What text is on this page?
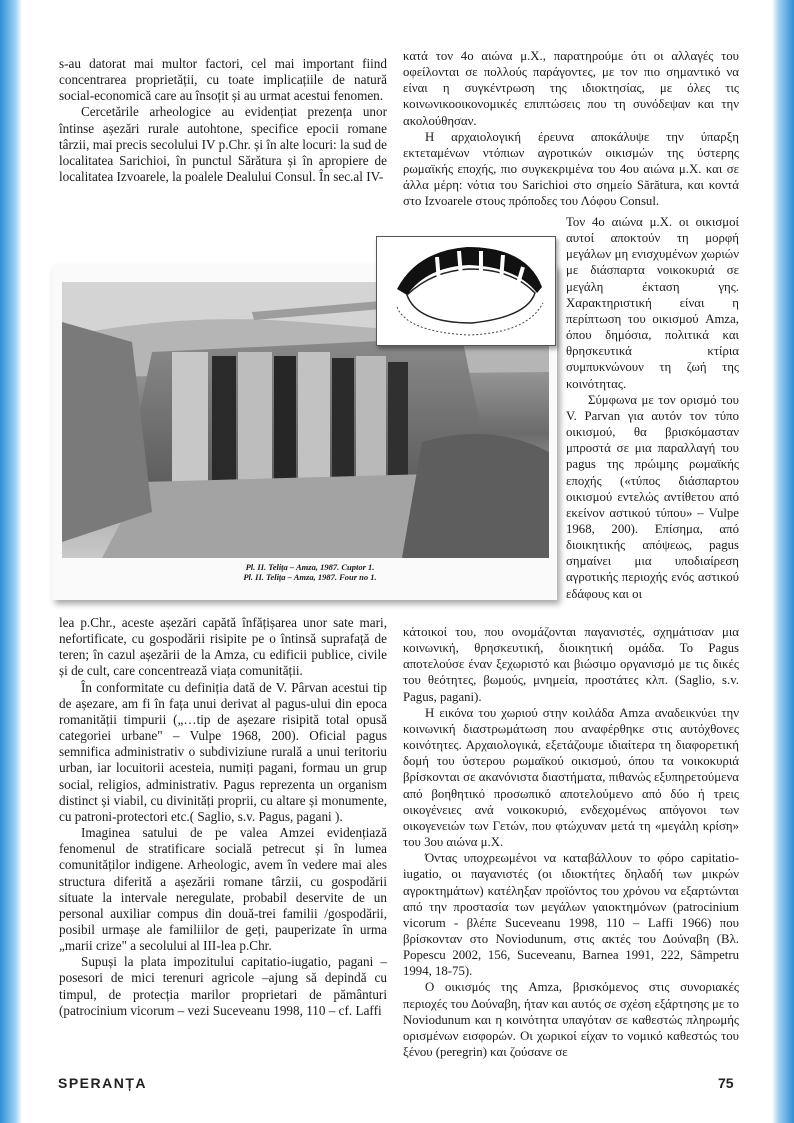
s-au datorat mai multor factori, cel mai important fiind concentrarea proprietății, cu toate implicațiile de natură social-economică care au însoțit și au urmat acestui fenomen.

Cercetările arheologice au evidențiat prezența unor întinse așezări rurale autohtone, specifice epocii romane târzii, mai precis secolului IV p.Chr. și în alte locuri: la sud de localitatea Sarichioi, în punctul Sărătura și în apropiere de localitatea Izvoarele, la poalele Dealului Consul. În sec.al IV-

Pl. II. Telița – Amza, 1987. Cuptor 1.
Pl. II. Telița – Amza, 1987. Four no 1.

lea p.Chr., aceste așezări capătă înfățișarea unor sate mari, nefortificate, cu gospodării risipite pe o întinsă suprafață de teren; în cazul așezării de la Amza, cu edificii publice, civile și de cult, care concentrează viața comunității.

În conformitate cu definiția dată de V. Pârvan acestui tip de așezare, am fi în fața unui derivat al pagus-ului din epoca romanității timpurii („…tip de așezare risipită total opusă categoriei urbane" – Vulpe 1968, 200). Oficial pagus semnifica administrativ o subdiviziune rurală a unui teritoriu urban, iar locuitorii acesteia, numiți pagani, formau un grup social, religios, administrativ. Pagus reprezenta un organism distinct și viabil, cu divinități proprii, cu altare și monumente, cu patroni-protectori etc.( Saglio, s.v. Pagus, pagani ).

Imaginea satului de pe valea Amzei evidențiază fenomenul de stratificare socială petrecut și în lumea comunităților indigene. Arheologic, avem în vedere mai ales structura diferită a așezării romane târzii, cu gospodării situate la intervale neregulate, probabil deservite de un personal auxiliar compus din două-trei familii /gospodării, posibil urmașe ale familiilor de geți, pauperizate în urma „marii crize" a secolului al III-lea p.Chr.

Supuși la plata impozitului capitatio-iugatio, pagani –posesori de mici terenuri agricole –ajung să depindă cu timpul, de protecția marilor proprietari de pământuri (patrocinium vicorum – vezi Suceveanu 1998, 110 – cf. Laffi

κατά τον 4ο αιώνα μ.Χ., παρατηρούμε ότι οι αλλαγές του οφείλονται σε πολλούς παράγοντες, με τον πιο σημαντικό να είναι η συγκέντρωση της ιδιοκτησίας, με όλες τις κοινωνικοοικονομικές επιπτώσεις που τη συνόδεψαν και την ακολούθησαν.

Η αρχαιολογική έρευνα αποκάλυψε την ύπαρξη εκτεταμένων ντόπιων αγροτικών οικισμών της ύστερης ρωμαϊκής εποχής, πιο συγκεκριμένα του 4ου αιώνα μ.Χ. και σε άλλα μέρη: νότια του Sarichioi στο σημείο Sărătura, και κοντά στο Izvoarele στους πρόποδες του Λόφου Consul.

Τον 4ο αιώνα μ.Χ. οι οικισμοί αυτοί αποκτούν τη μορφή μεγάλων μη ενισχυμένων χωριών με διάσπαρτα νοικοκυριά σε μεγάλη έκταση γης. Χαρακτηριστική είναι η περίπτωση του οικισμού Amza, όπου δημόσια, πολιτικά και θρησκευτικά κτίρια συμπυκνώνουν τη ζωή της κοινότητας.

Σύμφωνα με τον ορισμό του V. Parvan για αυτόν τον τύπο οικισμού, θα βρισκόμασταν μπροστά σε μια παραλλαγή του pagus της πρώιμης ρωμαϊκής εποχής («τύπος διάσπαρτου οικισμού εντελώς αντίθετου από εκείνον αστικού τύπου» – Vulpe 1968, 200). Επίσημα, από διοικητικής απόψεως, pagus σημαίνει μια υποδιαίρεση αγροτικής περιοχής ενός αστικού εδάφους και οι

κάτοικοί του, που ονομάζονται παγανιστές, σχημάτισαν μια κοινωνική, θρησκευτική, διοικητική ομάδα. Το Pagus αποτελούσε έναν ξεχωριστό και βιώσιμο οργανισμό με τις δικές του θεότητες, βωμούς, μνημεία, προστάτες κλπ. (Saglio, s.v. Pagus, pagani).

Η εικόνα του χωριού στην κοιλάδα Amza αναδεικνύει την κοινωνική διαστρωμάτωση που αναφέρθηκε στις αυτόχθονες κοινότητες. Αρχαιολογικά, εξετάζουμε ιδιαίτερα τη διαφορετική δομή του ύστερου ρωμαϊκού οικισμού, όπου τα νοικοκυριά βρίσκονται σε ακανόνιστα διαστήματα, πιθανώς εξυπηρετούμενα από βοηθητικό προσωπικό αποτελούμενο από δύο ή τρεις οικογένειες ανά νοικοκυριό, ενδεχομένως απόγονοι των οικογενειών των Γετών, που φτώχυναν μετά τη «μεγάλη κρίση» του 3ου αιώνα μ.Χ.

Όντας υποχρεωμένοι να καταβάλλουν το φόρο capitatio-iugatio, οι παγανιστές (οι ιδιοκτήτες δηλαδή των μικρών αγροκτημάτων) κατέληξαν προϊόντος του χρόνου να εξαρτώνται από την προστασία των μεγάλων γαιοκτημόνων (patrocinium vicorum - βλέπε Suceveanu 1998, 110 – Laffi 1966) που βρίσκονταν στο Noviodunum, στις ακτές του Δούναβη (Βλ. Popescu 2002, 156, Suceveanu, Barnea 1991, 222, Sâmpetru 1994, 18-75).

Ο οικισμός της Amza, βρισκόμενος στις συνοριακές περιοχές του Δούναβη, ήταν και αυτός σε σχέση εξάρτησης με το Noviodunum και η κοινότητα υπαγόταν σε καθεστώς πληρωμής ορισμένων εισφορών. Οι χωρικοί είχαν το νομικό καθεστώς του ξένου (peregrin) και ζούσανε σε

SPERANȚA	75
